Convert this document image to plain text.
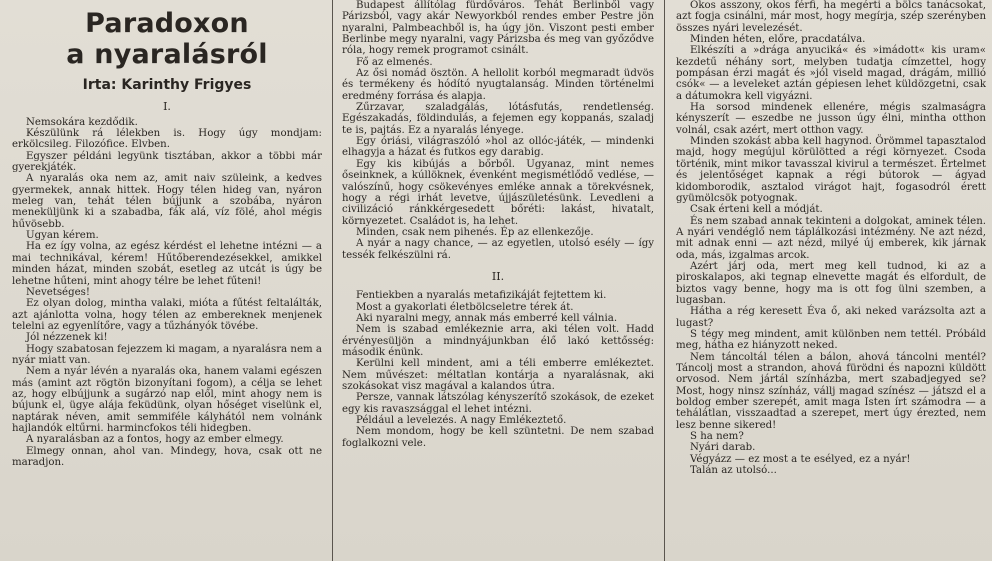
Paradoxon
a nyaralásról
Irta: Karinthy Frigyes
I.

Nemsokára kezdődik.

Készülünk rá lélekben is. Hogy úgy mondjam: erkölcsileg. Filozófice. Elvben.

Egyszer példáni legyünk tisztában, akkor a többi már gyerekjáték.

A nyaralás oka nem az, amit naiv szüleink, a kedves gyermekek, annak hittek. Hogy télen hideg van, nyáron meleg van, tehát télen bújjunk a szobába, nyáron meneküljünk ki a szabadba, fák alá, víz fölé, ahol mégis hűvösebb.

Ugyan kérem.

Ha ez így volna, az egész kérdést el lehetne intézni — a mai technikával, kérem! Hűtőberendezésekkel, amikkel minden házat, minden szobát, esetleg az utcát is úgy be lehetne hűteni, mint ahogy télre be lehet fűteni!

Nevetséges!

Ez olyan dolog, mintha valaki, mióta a fűtést feltalálták, azt ajánlotta volna, hogy télen az embereknek menjenek telelni az egyenlítőre, vagy a tűzhányók tövébe.

Jól nézzenek ki!

Hogy szabatosan fejezzem ki magam, a nyaralásra nem a nyár miatt van.

Nem a nyár lévén a nyaralás oka, hanem valami egészen más (amint azt rögtön bizonyítani fogom), a célja se lehet az, hogy elbújjunk a sugárzó nap elől, mint ahogy nem is bújunk el, ügye alája feküdünk, olyan hőséget viselünk el, naptárak néven, amit semmiféle kályhától nem volnánk hajlandók eltűrni. harmincfokos téli hidegben.

A nyaralásban az a fontos, hogy az ember elmegy.

Elmegy onnan, ahol van. Mindegy, hova, csak ott ne maradjon.

Budapest állítólag fürdőváros. Tehát Berlinből vagy Párizsból, vagy akár Newyorkból rendes ember Pestre jön nyaralni, Palmbeachből is, ha úgy jön. Viszont pesti ember Berlinbe megy nyaralni, vagy Párizsba és meg van győződve róla, hogy remek programot csinált.

Fő az elmenés.

Az ősi nomád ösztön. A hellolit korból megmaradt üdvös és termékeny és hódító nyugtalanság. Minden történelmi eredmény forrása és alapja.

Zűrzavar, szaladgálás, lótásfutás, rendetlenség. Egészakadás, földindulás, a fejemen egy koppanás, szaladj te is, pajtás. Ez a nyaralás lényege.

Egy óriási, világraszóló »hol az ollóc-játék, — mindenki elhagyja a házat és futkos egy darabig.

Egy kis kibújás a bőrből. Ugyanaz, mint nemes őseinknek, a kúllöknek, évenként megismétlődő vedlése, — valószínű, hogy csökevényes emléke annak a törekvésnek, hogy a régi irhát levetve, újjászületésünk. Levedleni a civilizáció ránkkérgesedett bőréti: lakást, hivatalt, környezetet. Családot is, ha lehet.

Minden, csak nem pihenés. Ép az ellenkezője.

A nyár a nagy chance, — az egyetlen, utolsó esély — így tessék felkészülni rá.

II.

Fentiekben a nyaralás metafizikáját fejtettem ki.

Most a gyakorlati életbölcseletre térek át.

Aki nyaralni megy, annak más emberré kell válnia.

Nem is szabad emlékeznie arra, aki télen volt. Hadd érvényesüljön a mindnyájunkban élő lakó kettősség: második énünk.

Kerülni kell mindent, ami a téli emberre emlékeztet. Nem művészet: méltatlan kontárja a nyaralásnak, aki szokásokat visz magával a kalandos útra.

Persze, vannak látszólag kényszerítő szokások, de ezeket egy kis ravaszsággal el lehet intézni.

Például a levelezés. A nagy Emlékeztető.

Nem mondom, hogy be kell szüntetni. De nem szabad foglalkozni vele.

Okos asszony, okos férfi, ha megérti a bölcs tanácsokat, azt fogja csinálni, már most, hogy megírja, szép szerényben összes nyári levelezését.

Minden héten, előre, pracdatálva.

Elkészíti a »drága anyuciká« és »imádott« kis uram« kezdetű néhány sort, melyben tudatja címzettel, hogy pompásan érzi magát és »jól viseld magad, drágám, millió csók« — a leveleket aztán gépiesen lehet küldözgetni, csak a dátumokra kell vigyázni.

Ha sorsod mindenek ellenére, mégis szalmaságra kényszerít — eszedbe ne jusson úgy élni, mintha otthon volnál, csak azért, mert otthon vagy.

Minden szokást abba kell hagynod. Örömmel tapasztalod majd, hogy megújul körülötted a régi környezet. Csoda történik, mint mikor tavasszal kivirul a természet. Értelmet és jelentőséget kapnak a régi bútorok — ágyad kidomborodik, asztalod virágot hajt, fogasodról érett gyümölcsök potyognak.

Csak érteni kell a módját.

És nem szabad annak tekinteni a dolgokat, aminek télen. A nyári vendéglő nem táplálkozási intézmény. Ne azt nézd, mit adnak enni — azt nézd, milyé új emberek, kik járnak oda, más, izgalmas arcok.

Azért járj oda, mert meg kell tudnod, ki az a piroskalapos, aki tegnap elnevette magát és elfordult, de biztos vagy benne, hogy ma is ott fog ülni szemben, a lugasban.

Hátha a rég keresett Éva ő, aki neked varázsolta azt a lugast?

S tégy meg mindent, amit különben nem tettél. Próbáld meg, hátha ez hiányzott neked.

Nem táncoltál télen a bálon, ahová táncolni mentél? Táncolj most a strandon, ahová fürödni és napozni küldött orvosod. Nem jártál színházba, mert szabadjegyed se? Most, hogy ninsz színház, vállj magad színész — játszd el a boldog ember szerepét, amit maga Isten írt számodra — a tehálátlan, visszaadtad a szerepet, mert úgy érezted, nem lesz benne sikered!

S ha nem?

Nyári darab.

Végyázz — ez most a te esélyed, ez a nyár!

Talán az utolsó...
